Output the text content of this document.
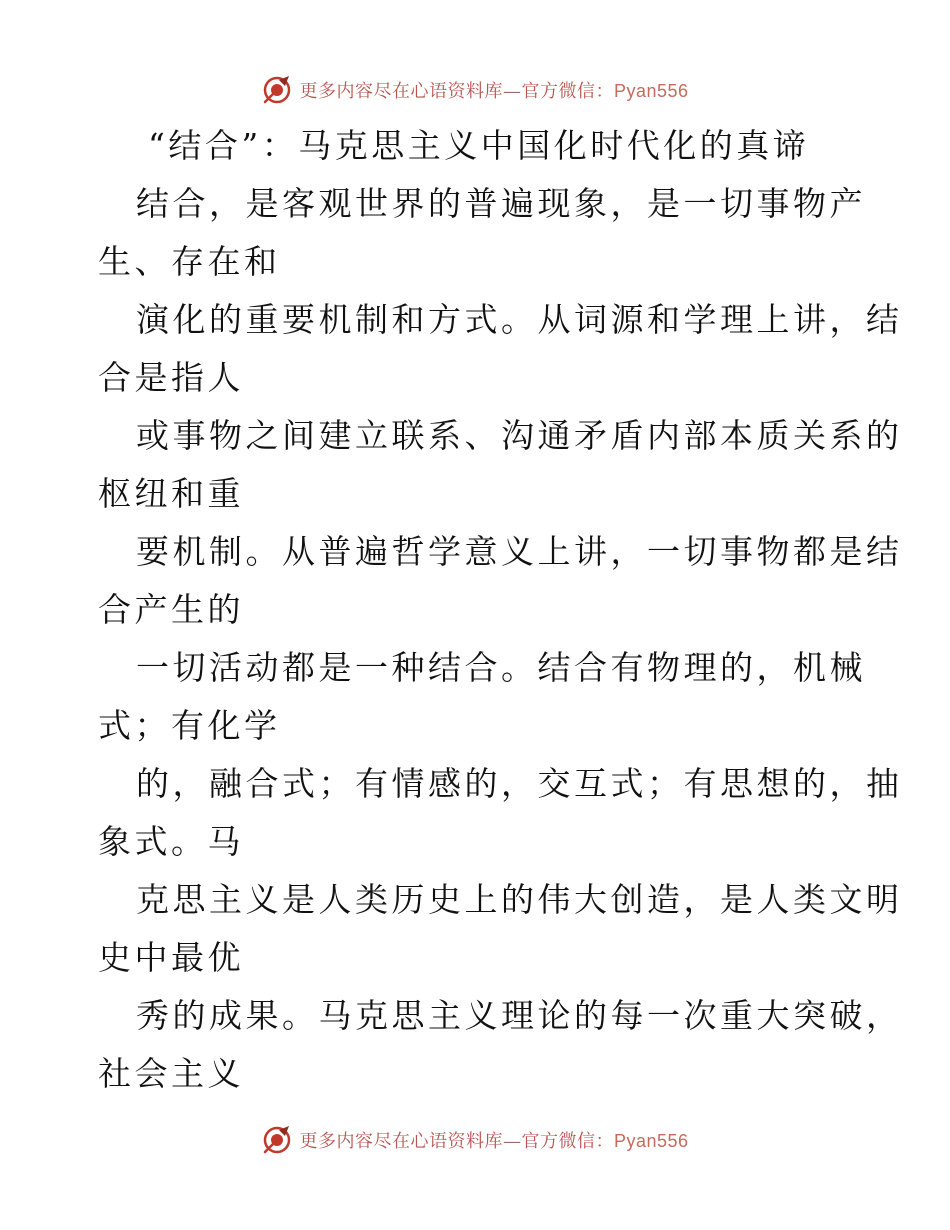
更多内容尽在心语资料库—官方微信：Pyan556
“结合”：马克思主义中国化时代化的真谛
结合，是客观世界的普遍现象，是一切事物产
生、存在和
演化的重要机制和方式。从词源和学理上讲，结
合是指人
或事物之间建立联系、沟通矛盾内部本质关系的
枢纽和重
要机制。从普遍哲学意义上讲，一切事物都是结
合产生的
一切活动都是一种结合。结合有物理的，机械
式；有化学
的，融合式；有情感的，交互式；有思想的，抽
象式。马
克思主义是人类历史上的伟大创造，是人类文明
史中最优
秀的成果。马克思主义理论的每一次重大突破，
社会主义
更多内容尽在心语资料库—官方微信：Pyan556
